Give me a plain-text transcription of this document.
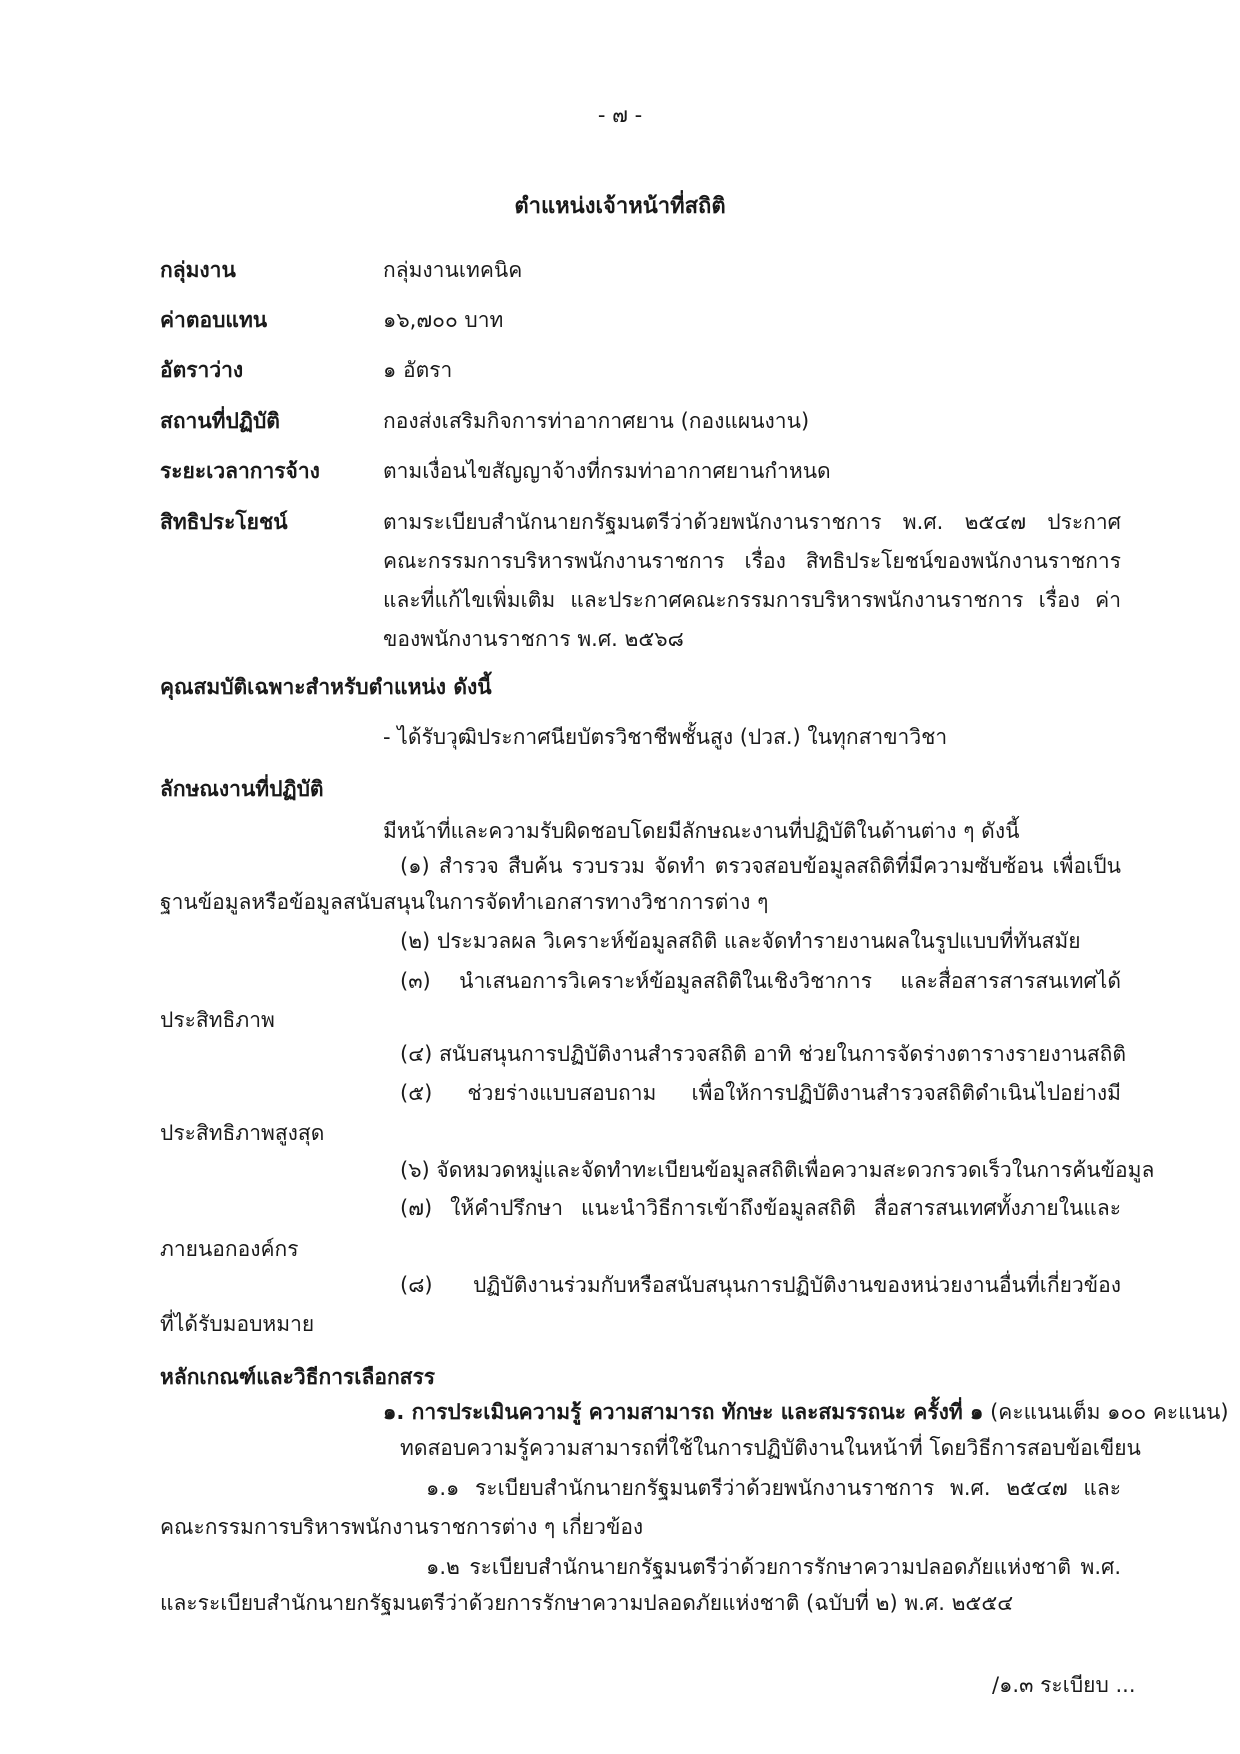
- ๗ -
ตำแหน่งเจ้าหน้าที่สถิติ
กลุ่มงาน	กลุ่มงานเทคนิค
ค่าตอบแทน	๑๖,๗๐๐ บาท
อัตราว่าง	๑ อัตรา
สถานที่ปฏิบัติ	กองส่งเสริมกิจการท่าอากาศยาน (กองแผนงาน)
ระยะเวลาการจ้าง	ตามเงื่อนไขสัญญาจ้างที่กรมท่าอากาศยานกำหนด
สิทธิประโยชน์	ตามระเบียบสำนักนายกรัฐมนตรีว่าด้วยพนักงานราชการ พ.ศ. ๒๕๔๗ ประกาศ
คณะกรรมการบริหารพนักงานราชการ เรื่อง สิทธิประโยชน์ของพนักงานราชการ
และที่แก้ไขเพิ่มเติม และประกาศคณะกรรมการบริหารพนักงานราชการ เรื่อง ค่า
ของพนักงานราชการ พ.ศ. ๒๕๖๘
คุณสมบัติเฉพาะสำหรับตำแหน่ง ดังนี้
- ได้รับวุฒิประกาศนียบัตรวิชาชีพชั้นสูง (ปวส.) ในทุกสาขาวิชา
ลักษณงานที่ปฏิบัติ
มีหน้าที่และความรับผิดชอบโดยมีลักษณะงานที่ปฏิบัติในด้านต่าง ๆ ดังนี้
(๑) สำรวจ สืบค้น รวบรวม จัดทำ ตรวจสอบข้อมูลสถิติที่มีความซับซ้อน เพื่อเป็น
ฐานข้อมูลหรือข้อมูลสนับสนุนในการจัดทำเอกสารทางวิชาการต่าง ๆ
(๒) ประมวลผล วิเคราะห์ข้อมูลสถิติ และจัดทำรายงานผลในรูปแบบที่ทันสมัย
(๓) นำเสนอการวิเคราะห์ข้อมูลสถิติในเชิงวิชาการ และสื่อสารสารสนเทศได้
ประสิทธิภาพ
(๔) สนับสนุนการปฏิบัติงานสำรวจสถิติ อาทิ ช่วยในการจัดร่างตารางรายงานสถิติ
(๕) ช่วยร่างแบบสอบถาม เพื่อให้การปฏิบัติงานสำรวจสถิติดำเนินไปอย่างมี
ประสิทธิภาพสูงสุด
(๖) จัดหมวดหมู่และจัดทำทะเบียนข้อมูลสถิติเพื่อความสะดวกรวดเร็วในการค้นข้อมูล
(๗) ให้คำปรึกษา แนะนำวิธีการเข้าถึงข้อมูลสถิติ สื่อสารสนเทศทั้งภายในและ
ภายนอกองค์กร
(๘) ปฏิบัติงานร่วมกับหรือสนับสนุนการปฏิบัติงานของหน่วยงานอื่นที่เกี่ยวข้อง
ที่ได้รับมอบหมาย
หลักเกณฑ์และวิธีการเลือกสรร
๑. การประเมินความรู้ ความสามารถ ทักษะ และสมรรถนะ ครั้งที่ ๑ (คะแนนเต็ม ๑๐๐ คะแนน)
ทดสอบความรู้ความสามารถที่ใช้ในการปฏิบัติงานในหน้าที่ โดยวิธีการสอบข้อเขียน
๑.๑ ระเบียบสำนักนายกรัฐมนตรีว่าด้วยพนักงานราชการ พ.ศ. ๒๕๔๗ และ
คณะกรรมการบริหารพนักงานราชการต่าง ๆ เกี่ยวข้อง
๑.๒ ระเบียบสำนักนายกรัฐมนตรีว่าด้วยการรักษาความปลอดภัยแห่งชาติ พ.ศ.
และระเบียบสำนักนายกรัฐมนตรีว่าด้วยการรักษาความปลอดภัยแห่งชาติ (ฉบับที่ ๒) พ.ศ. ๒๕๕๔
/๑.๓ ระเบียบ ...
